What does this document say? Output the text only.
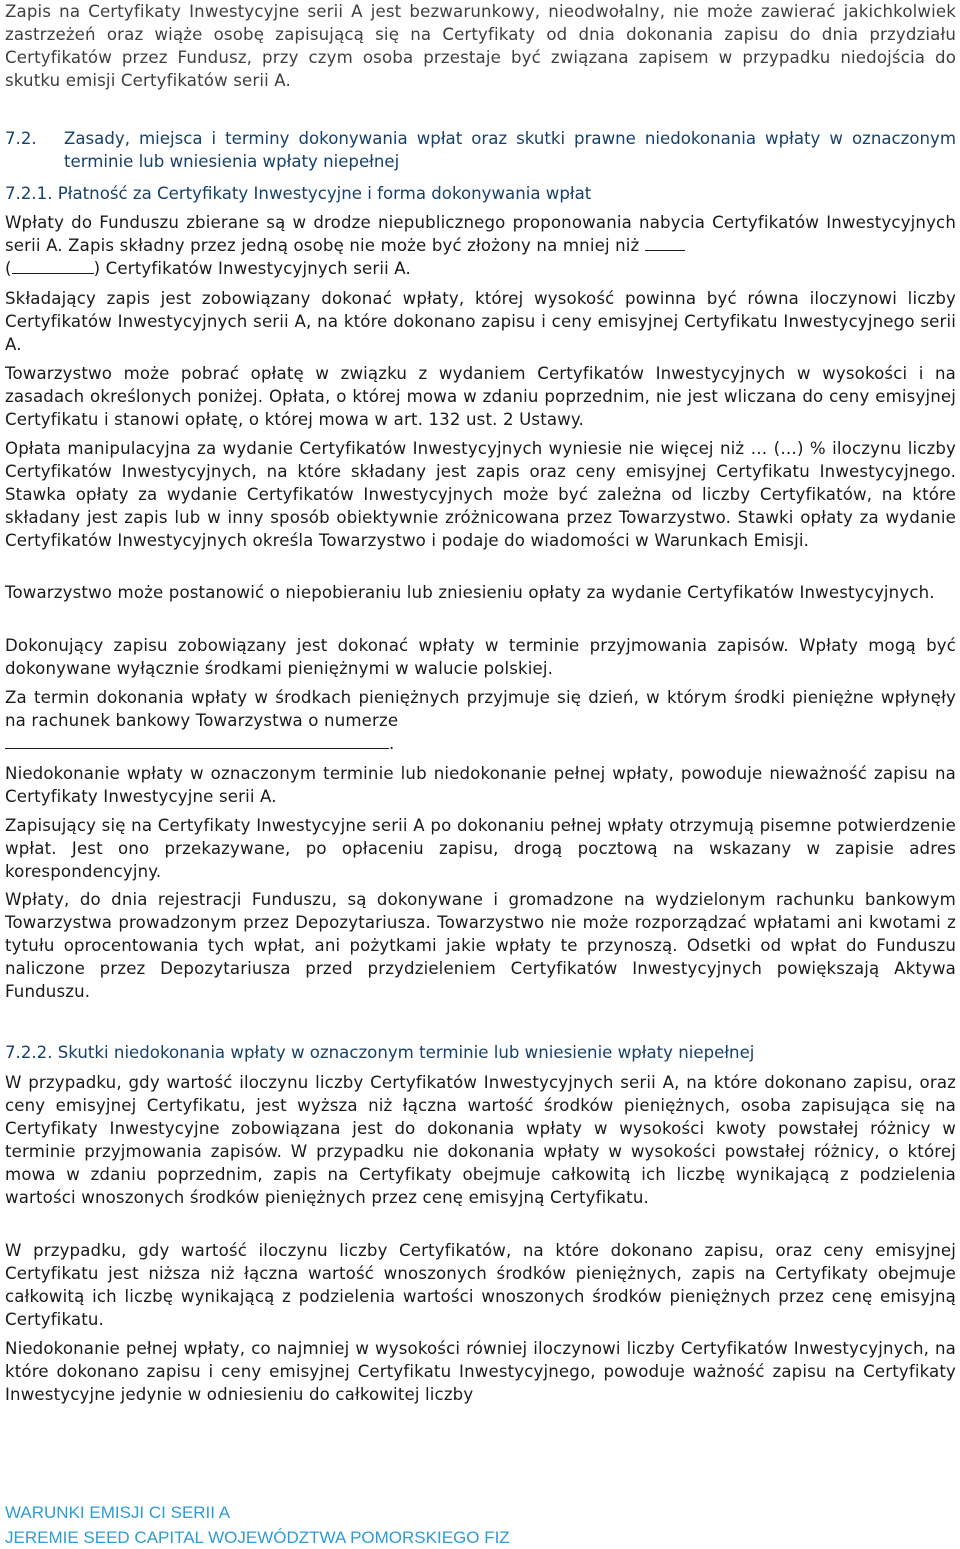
Zapis na Certyfikaty Inwestycyjne serii A jest bezwarunkowy, nieodwołalny, nie może zawierać jakichkolwiek zastrzeżeń oraz wiąże osobę zapisującą się na Certyfikaty od dnia dokonania zapisu do dnia przydziału Certyfikatów przez Fundusz, przy czym osoba przestaje być związana zapisem w przypadku niedojścia do skutku emisji Certyfikatów serii A.

7.2. Zasady, miejsca i terminy dokonywania wpłat oraz skutki prawne niedokonania wpłaty w oznaczonym terminie lub wniesienia wpłaty niepełnej

7.2.1. Płatność za Certyfikaty Inwestycyjne i forma dokonywania wpłat

Wpłaty do Funduszu zbierane są w drodze niepublicznego proponowania nabycia Certyfikatów Inwestycyjnych serii A. Zapis składny przez jedną osobę nie może być złożony na mniej niż
(	) Certyfikatów Inwestycyjnych serii A.

Składający zapis jest zobowiązany dokonać wpłaty, której wysokość powinna być równa iloczynowi liczby Certyfikatów Inwestycyjnych serii A, na które dokonano zapisu i ceny emisyjnej Certyfikatu Inwestycyjnego serii A.

Towarzystwo może pobrać opłatę w związku z wydaniem Certyfikatów Inwestycyjnych w wysokości i na zasadach określonych poniżej. Opłata, o której mowa w zdaniu poprzednim, nie jest wliczana do ceny emisyjnej Certyfikatu i stanowi opłatę, o której mowa w art. 132 ust. 2 Ustawy.

Opłata manipulacyjna za wydanie Certyfikatów Inwestycyjnych wyniesie nie więcej niż … (…) % iloczynu liczby Certyfikatów Inwestycyjnych, na które składany jest zapis oraz ceny emisyjnej Certyfikatu Inwestycyjnego. Stawka opłaty za wydanie Certyfikatów Inwestycyjnych może być zależna od liczby Certyfikatów, na które składany jest zapis lub w inny sposób obiektywnie zróżnicowana przez Towarzystwo. Stawki opłaty za wydanie Certyfikatów Inwestycyjnych określa Towarzystwo i podaje do wiadomości w Warunkach Emisji.

Towarzystwo może postanowić o niepobieraniu lub zniesieniu opłaty za wydanie Certyfikatów Inwestycyjnych.

Dokonujący zapisu zobowiązany jest dokonać wpłaty w terminie przyjmowania zapisów. Wpłaty mogą być dokonywane wyłącznie środkami pieniężnymi w walucie polskiej.

Za termin dokonania wpłaty w środkach pieniężnych przyjmuje się dzień, w którym środki pieniężne wpłynęły na rachunek bankowy Towarzystwa o numerze
.

Niedokonanie wpłaty w oznaczonym terminie lub niedokonanie pełnej wpłaty, powoduje nieważność zapisu na Certyfikaty Inwestycyjne serii A.

Zapisujący się na Certyfikaty Inwestycyjne serii A po dokonaniu pełnej wpłaty otrzymują pisemne potwierdzenie wpłat. Jest ono przekazywane, po opłaceniu zapisu, drogą pocztową na wskazany w zapisie adres korespondencyjny.

Wpłaty, do dnia rejestracji Funduszu, są dokonywane i gromadzone na wydzielonym rachunku bankowym Towarzystwa prowadzonym przez Depozytariusza. Towarzystwo nie może rozporządzać wpłatami ani kwotami z tytułu oprocentowania tych wpłat, ani pożytkami jakie wpłaty te przynoszą. Odsetki od wpłat do Funduszu naliczone przez Depozytariusza przed przydzieleniem Certyfikatów Inwestycyjnych powiększają Aktywa Funduszu.

7.2.2. Skutki niedokonania wpłaty w oznaczonym terminie lub wniesienie wpłaty niepełnej

W przypadku, gdy wartość iloczynu liczby Certyfikatów Inwestycyjnych serii A, na które dokonano zapisu, oraz ceny emisyjnej Certyfikatu, jest wyższa niż łączna wartość środków pieniężnych, osoba zapisująca się na Certyfikaty Inwestycyjne zobowiązana jest do dokonania wpłaty w wysokości kwoty powstałej różnicy w terminie przyjmowania zapisów. W przypadku nie dokonania wpłaty w wysokości powstałej różnicy, o której mowa w zdaniu poprzednim, zapis na Certyfikaty obejmuje całkowitą ich liczbę wynikającą z podzielenia wartości wnoszonych środków pieniężnych przez cenę emisyjną Certyfikatu.

W przypadku, gdy wartość iloczynu liczby Certyfikatów, na które dokonano zapisu, oraz ceny emisyjnej Certyfikatu jest niższa niż łączna wartość wnoszonych środków pieniężnych, zapis na Certyfikaty obejmuje całkowitą ich liczbę wynikającą z podzielenia wartości wnoszonych środków pieniężnych przez cenę emisyjną Certyfikatu.

Niedokonanie pełnej wpłaty, co najmniej w wysokości równiej iloczynowi liczby Certyfikatów Inwestycyjnych, na które dokonano zapisu i ceny emisyjnej Certyfikatu Inwestycyjnego, powoduje ważność zapisu na Certyfikaty Inwestycyjne jedynie w odniesieniu do całkowitej liczby

WARUNKI EMISJI CI SERII A
JEREMIE SEED CAPITAL WOJEWÓDZTWA POMORSKIEGO FIZ
